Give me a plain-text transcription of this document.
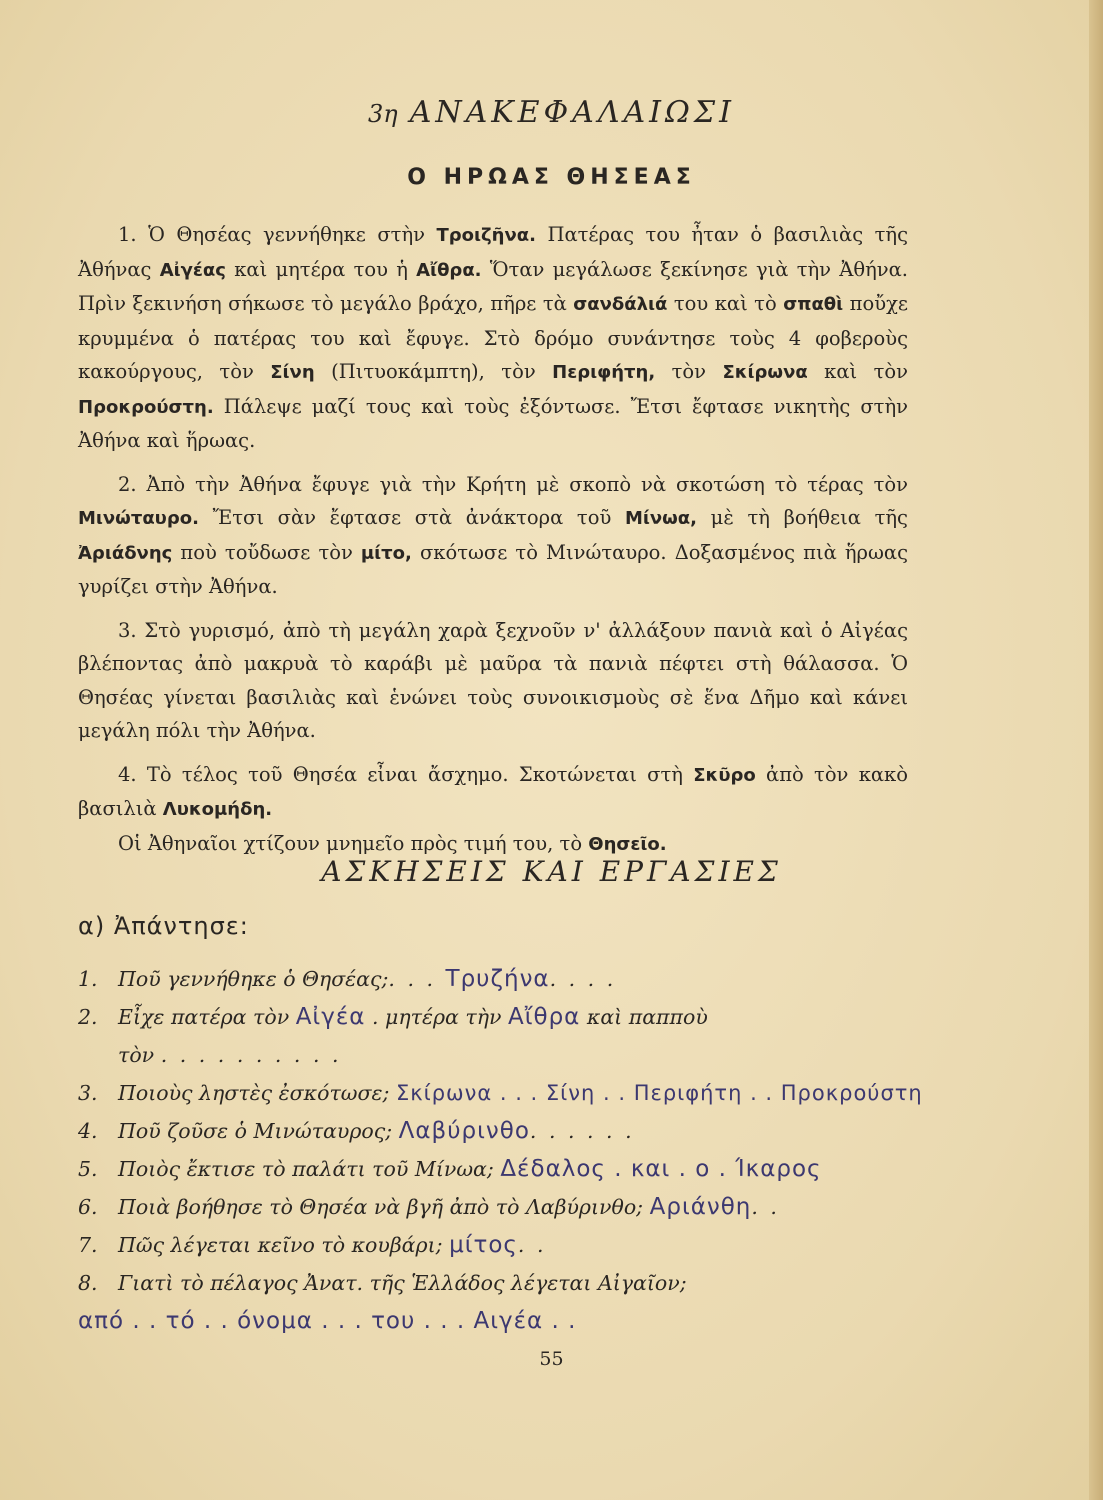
3η ΑΝΑΚΕΦΑΛΑΙΩΣΙ
Ο ΗΡΩΑΣ ΘΗΣΕΑΣ

1. Ὁ Θησέας γεννήθηκε στὴν Τροιζῆνα. Πατέρας του ἦταν ὁ βασιλιὰς τῆς Ἀθήνας Αἰγέας καὶ μητέρα του ἡ Αἴθρα. Ὅταν μεγάλωσε ξεκίνησε γιὰ τὴν Ἀθήνα. Πρὶν ξεκινήση σήκωσε τὸ μεγάλο βράχο, πῆρε τὰ σανδάλιά του καὶ τὸ σπαθὶ ποὔχε κρυμμένα ὁ πατέρας του καὶ ἔφυγε. Στὸ δρόμο συνάντησε τοὺς 4 φοβεροὺς κακούργους, τὸν Σίνη (Πιτυοκάμπτη), τὸν Περιφήτη, τὸν Σκίρωνα καὶ τὸν Προκρούστη. Πάλεψε μαζί τους καὶ τοὺς ἐξόντωσε. Ἔτσι ἔφτασε νικητὴς στὴν Ἀθήνα καὶ ἥρωας.

2. Ἀπὸ τὴν Ἀθήνα ἔφυγε γιὰ τὴν Κρήτη μὲ σκοπὸ νὰ σκοτώση τὸ τέρας τὸν Μινώταυρο. Ἔτσι σὰν ἔφτασε στὰ ἀνάκτορα τοῦ Μίνωα, μὲ τὴ βοήθεια τῆς Ἀριάδνης ποὺ τοὔδωσε τὸν μίτο, σκότωσε τὸ Μινώταυρο. Δοξασμένος πιὰ ἥρωας γυρίζει στὴν Ἀθήνα.

3. Στὸ γυρισμό, ἀπὸ τὴ μεγάλη χαρὰ ξεχνοῦν ν' ἀλλάξουν πανιὰ καὶ ὁ Αἰγέας βλέποντας ἀπὸ μακρυὰ τὸ καράβι μὲ μαῦρα τὰ πανιὰ πέφτει στὴ θάλασσα. Ὁ Θησέας γίνεται βασιλιὰς καὶ ἑνώνει τοὺς συνοικισμοὺς σὲ ἕνα Δῆμο καὶ κάνει μεγάλη πόλι τὴν Ἀθήνα.

4. Τὸ τέλος τοῦ Θησέα εἶναι ἄσχημο. Σκοτώνεται στὴ Σκῦρο ἀπὸ τὸν κακὸ βασιλιὰ Λυκομήδη.

Οἱ Ἀθηναῖοι χτίζουν μνημεῖο πρὸς τιμή του, τὸ Θησεῖο.

ΑΣΚΗΣΕΙΣ ΚΑΙ ΕΡΓΑΣΙΕΣ
α) Ἀπάντησε:
1. Ποῦ γεννήθηκε ὁ Θησέας;. . . Τρυζήνα. . . .
2. Εἶχε πατέρα τὸν Αἰγέα . μητέρα τὴν Αἴθρα καὶ παπποὺ
τὸν . . . . . . . . . .
3. Ποιοὺς ληστὲς ἐσκότωσε; Σκίρωνα . . . Σίνη . . Περιφήτη . . Προκρούστη
4. Ποῦ ζοῦσε ὁ Μινώταυρος; Λαβύρινθο. . . . . .
5. Ποιὸς ἔκτισε τὸ παλάτι τοῦ Μίνωα; Δέδαλος . και . ο . Ίκαρος
6. Ποιὰ βοήθησε τὸ Θησέα νὰ βγῆ ἀπὸ τὸ Λαβύρινθο; Αριάνθη. .
7. Πῶς λέγεται κεῖνο τὸ κουβάρι; μίτος. .
8. Γιατὶ τὸ πέλαγος Ἀνατ. τῆς Ἑλλάδος λέγεται Αἰγαῖον;
από . . τό . . όνομα . . . του . . . Αιγέα . .
55
